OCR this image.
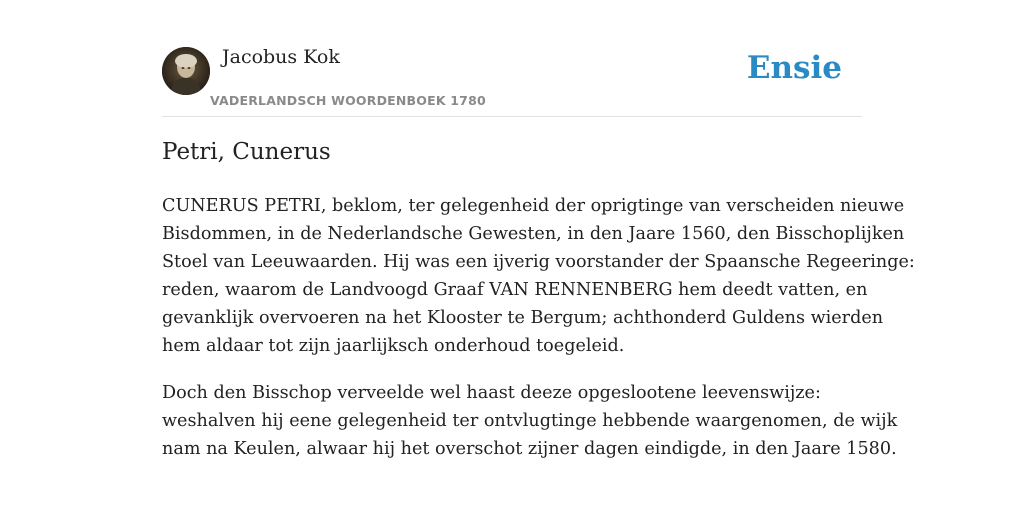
Jacobus Kok
VADERLANDSCH WOORDENBOEK 1780
Ensie
Petri, Cunerus

CUNERUS PETRI, beklom, ter gelegenheid der oprigtinge van verscheiden nieuwe
Bisdommen, in de Nederlandsche Gewesten, in den Jaare 1560, den Bisschoplijken
Stoel van Leeuwaarden. Hij was een ijverig voorstander der Spaansche Regeeringe:
reden, waarom de Landvoogd Graaf VAN RENNENBERG hem deedt vatten, en
gevanklijk overvoeren na het Klooster te Bergum; achthonderd Guldens wierden
hem aldaar tot zijn jaarlijksch onderhoud toegeleid.

Doch den Bisschop verveelde wel haast deeze opgeslootene leevenswijze:
weshalven hij eene gelegenheid ter ontvlugtinge hebbende waargenomen, de wijk
nam na Keulen, alwaar hij het overschot zijner dagen eindigde, in den Jaare 1580.
